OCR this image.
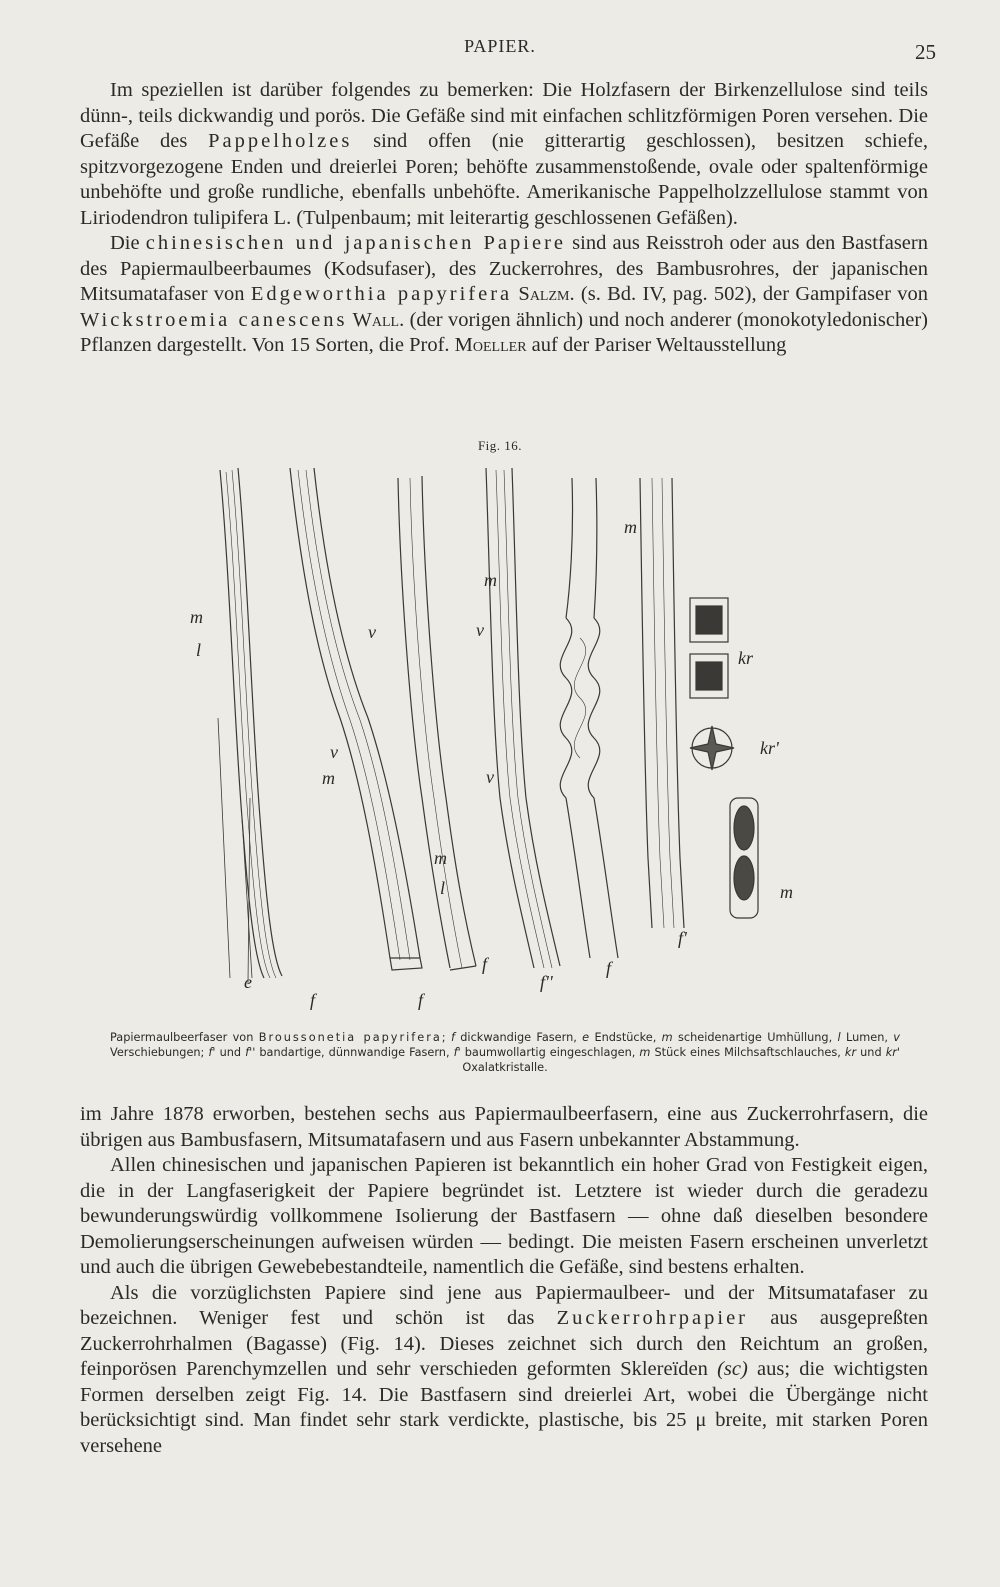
PAPIER.	25

Im speziellen ist darüber folgendes zu bemerken: Die Holzfasern der Birkenzellulose sind teils dünn-, teils dickwandig und porös. Die Gefäße sind mit einfachen schlitzförmigen Poren versehen. Die Gefäße des Pappelholzes sind offen (nie gitterartig geschlossen), besitzen schiefe, spitzvorgezogene Enden und dreierlei Poren; behöfte zusammenstoßende, ovale oder spaltenförmige unbehöfte und große rundliche, ebenfalls unbehöfte. Amerikanische Pappelholzzellulose stammt von Liriodendron tulipifera L. (Tulpenbaum; mit leiterartig geschlossenen Gefäßen).

Die chinesischen und japanischen Papiere sind aus Reisstroh oder aus den Bastfasern des Papiermaulbeerbaumes (Kodsufaser), des Zuckerrohres, des Bambusrohres, der japanischen Mitsumatafaser von Edgeworthia papyrifera Salzm. (s. Bd. IV, pag. 502), der Gampifaser von Wickstroemia canescens Wall. (der vorigen ähnlich) und noch anderer (monokotyledonischer) Pflanzen dargestellt. Von 15 Sorten, die Prof. Moeller auf der Pariser Weltausstellung

Fig. 16.
m
l
e
f
v
v
m
f
m
v
v
m
l
f
f''
f
m
kr
kr'
m
f'
Papiermaulbeerfaser von Broussonetia papyrifera; f dickwandige Fasern, e Endstücke, m scheidenartige Umhüllung, l Lumen, v Verschiebungen; f' und f'' bandartige, dünnwandige Fasern, f' baumwollartig eingeschlagen, m Stück eines Milchsaftschlauches, kr und kr' Oxalatkristalle.

im Jahre 1878 erworben, bestehen sechs aus Papiermaulbeerfasern, eine aus Zuckerrohrfasern, die übrigen aus Bambusfasern, Mitsumatafasern und aus Fasern unbekannter Abstammung.

Allen chinesischen und japanischen Papieren ist bekanntlich ein hoher Grad von Festigkeit eigen, die in der Langfaserigkeit der Papiere begründet ist. Letztere ist wieder durch die geradezu bewunderungswürdig vollkommene Isolierung der Bastfasern — ohne daß dieselben besondere Demolierungserscheinungen aufweisen würden — bedingt. Die meisten Fasern erscheinen unverletzt und auch die übrigen Gewebebestandteile, namentlich die Gefäße, sind bestens erhalten.

Als die vorzüglichsten Papiere sind jene aus Papiermaulbeer- und der Mitsumatafaser zu bezeichnen. Weniger fest und schön ist das Zuckerrohrpapier aus ausgepreßten Zuckerrohrhalmen (Bagasse) (Fig. 14). Dieses zeichnet sich durch den Reichtum an großen, feinporösen Parenchymzellen und sehr verschieden geformten Sklereïden (sc) aus; die wichtigsten Formen derselben zeigt Fig. 14. Die Bastfasern sind dreierlei Art, wobei die Übergänge nicht berücksichtigt sind. Man findet sehr stark verdickte, plastische, bis 25 μ breite, mit starken Poren versehene
